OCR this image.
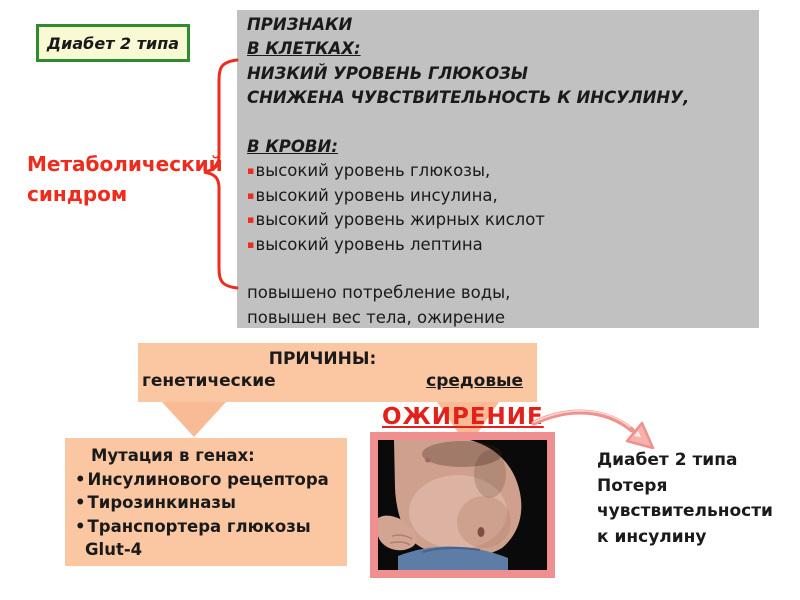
Диабет 2 типа
ПРИЗНАКИ
В КЛЕТКАХ:
НИЗКИЙ УРОВЕНЬ ГЛЮКОЗЫ
СНИЖЕНА ЧУВСТВИТЕЛЬНОСТЬ К ИНСУЛИНУ,
В КРОВИ:
▪высокий уровень глюкозы,
▪высокий уровень инсулина,
▪высокий уровень жирных кислот
▪высокий уровень лептина
повышено потребление воды,
повышен вес тела, ожирение
Метаболический
синдром
ПРИЧИНЫ:
генетические	средовые
Мутация в генах:
• Инсулинового рецептора
• Тирозинкиназы
• Транспортера глюкозы
Glut-4
ОЖИРЕНИЕ
Диабет 2 типа
Потеря
чувствительности
к инсулину
